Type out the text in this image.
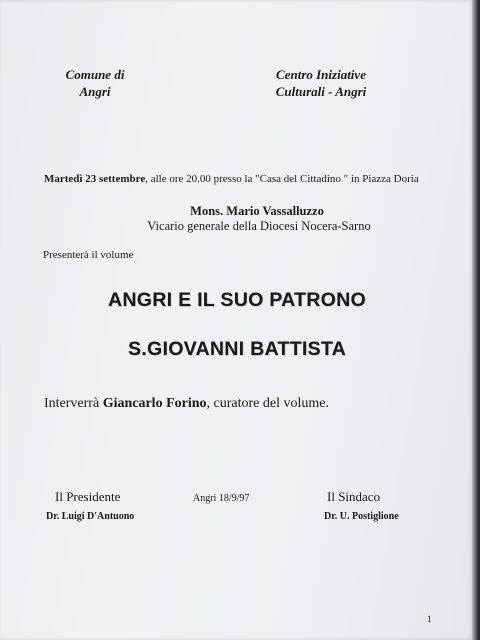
Comune di
Angri
Centro Iniziative
Culturali - Angri
Martedì 23 settembre, alle ore 20.00 presso la "Casa del Cittadino " in Piazza Doria
Mons. Mario Vassalluzzo
Vicario generale della Diocesi Nocera-Sarno
Presenterà il volume
ANGRI E IL SUO PATRONO
S.GIOVANNI BATTISTA
Interverrà Giancarlo Forino, curatore del volume.
Il Presidente
Dr. Luigi D'Antuono
Angri 18/9/97	Il Sindaco
Dr. U. Postiglione
1
